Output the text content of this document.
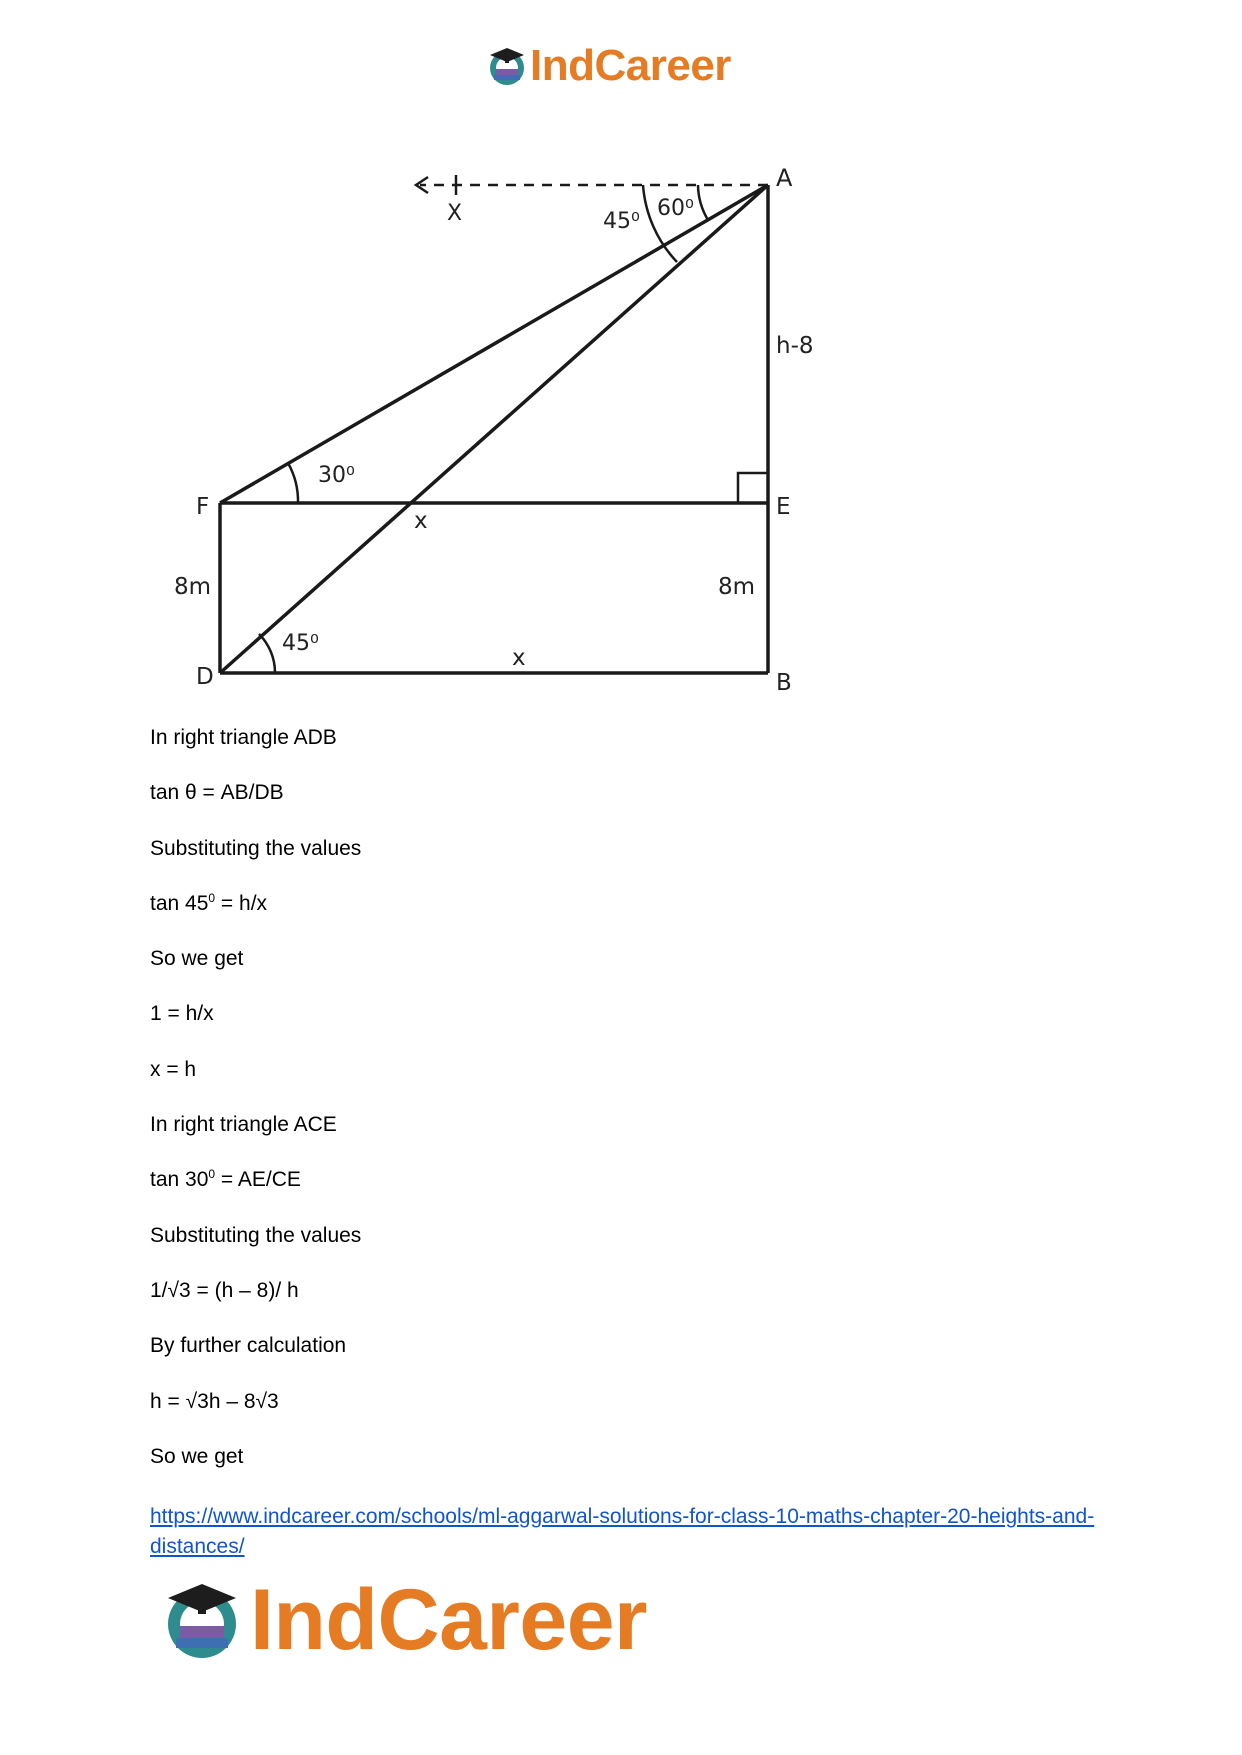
IndCareer
A
X	45⁰
60⁰
h-8
30⁰
F	E
x
8m	8m
45⁰
x
D	B

In right triangle ADB

tan θ = AB/DB

Substituting the values

$\tan 45^0 = h/x$

So we get

1 = h/x

x = h

In right triangle ACE

$\tan 30^0 = AE/CE$

Substituting the values

1/√3 = (h – 8)/ h

By further calculation

h = √3h – 8√3

So we get

https://www.indcareer.com/schools/ml-aggarwal-solutions-for-class-10-maths-chapter-20-heights-and-distances/
IndCareer
